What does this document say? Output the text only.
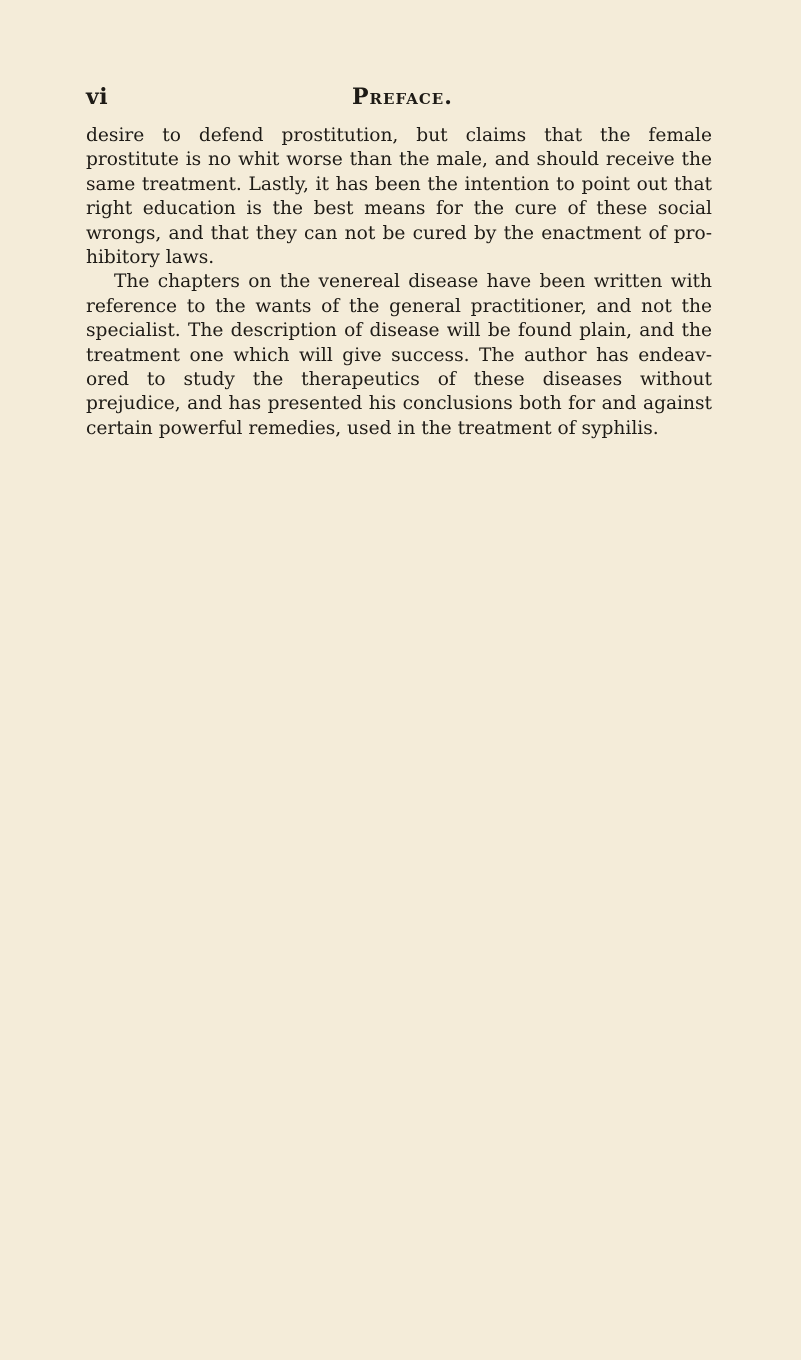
vi	Preface.

desire to defend prostitution, but claims that the female prostitute is no whit worse than the male, and should receive the same treatment. Lastly, it has been the intention to point out that right education is the best means for the cure of these social wrongs, and that they can not be cured by the enactment of pro- hibitory laws.

The chapters on the venereal disease have been written with reference to the wants of the general practitioner, and not the specialist. The description of disease will be found plain, and the treatment one which will give success. The author has endeav- ored to study the therapeutics of these diseases without prejudice, and has presented his conclusions both for and against certain powerful remedies, used in the treatment of syphilis.
